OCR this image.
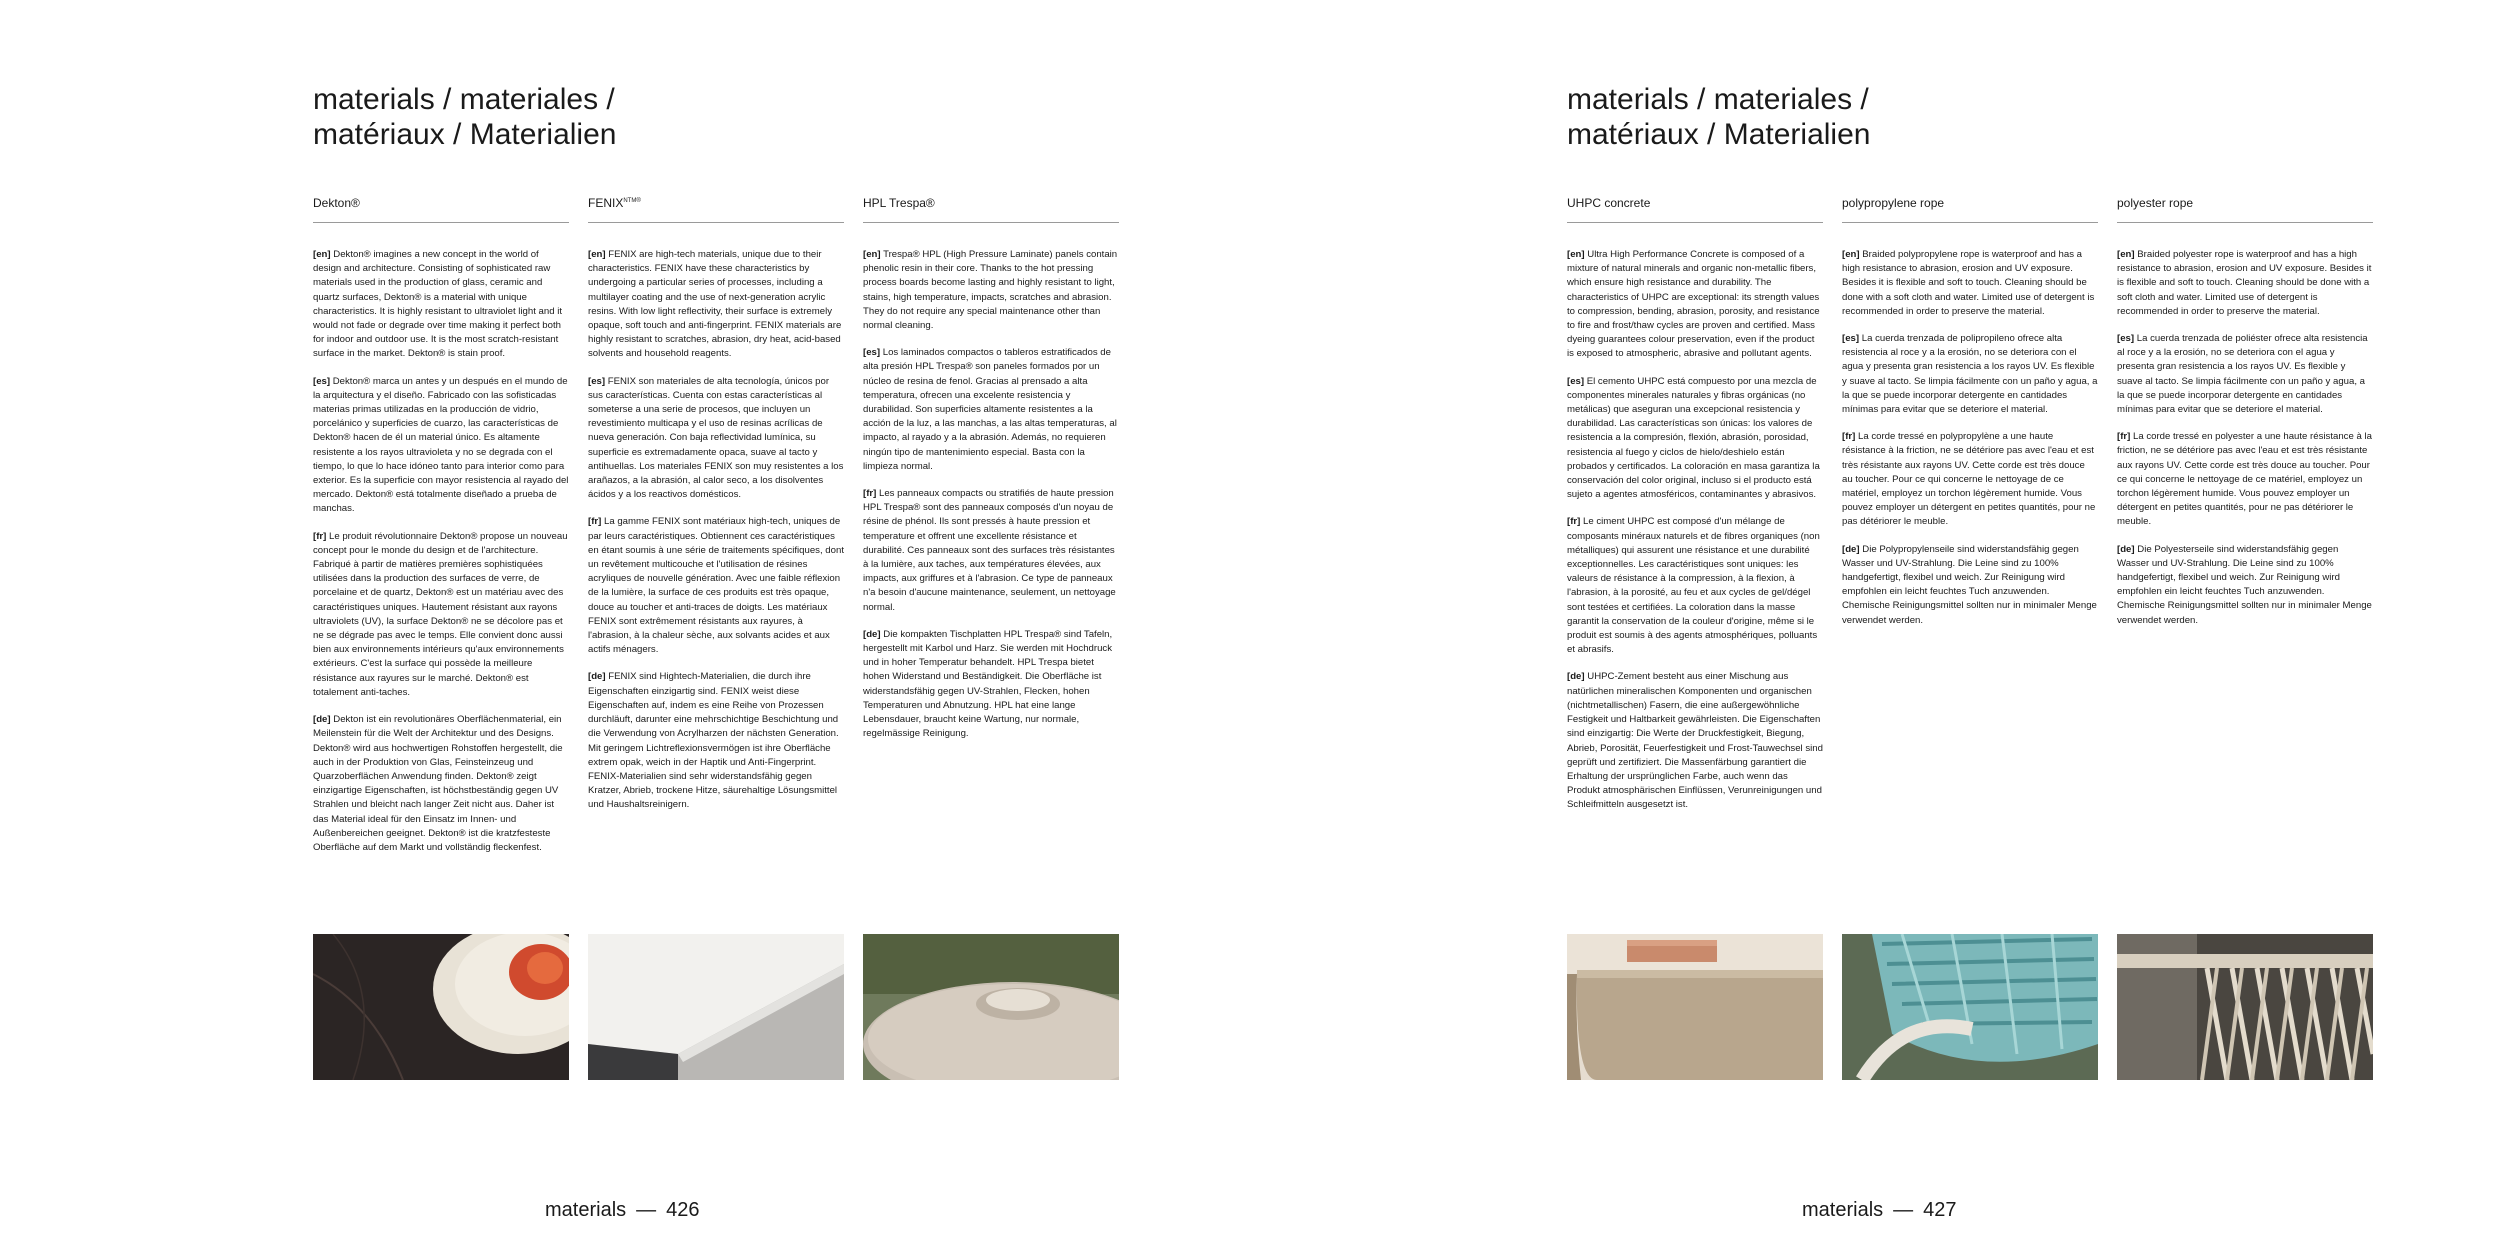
materials / materiales /
matériaux / Materialien
Dekton®

[en] Dekton® imagines a new concept in the world of design and architecture. Consisting of sophisticated raw materials used in the production of glass, ceramic and quartz surfaces, Dekton® is a material with unique characteristics. It is highly resistant to ultraviolet light and it would not fade or degrade over time making it perfect both for indoor and outdoor use. It is the most scratch-resistant surface in the market. Dekton® is stain proof.

[es] Dekton® marca un antes y un después en el mundo de la arquitectura y el diseño. Fabricado con las sofisticadas materias primas utilizadas en la producción de vidrio, porcelánico y superficies de cuarzo, las características de Dekton® hacen de él un material único. Es altamente resistente a los rayos ultravioleta y no se degrada con el tiempo, lo que lo hace idóneo tanto para interior como para exterior. Es la superficie con mayor resistencia al rayado del mercado. Dekton® está totalmente diseñado a prueba de manchas.

[fr] Le produit révolutionnaire Dekton® propose un nouveau concept pour le monde du design et de l'architecture. Fabriqué à partir de matières premières sophistiquées utilisées dans la production des surfaces de verre, de porcelaine et de quartz, Dekton® est un matériau avec des caractéristiques uniques. Hautement résistant aux rayons ultraviolets (UV), la surface Dekton® ne se décolore pas et ne se dégrade pas avec le temps. Elle convient donc aussi bien aux environnements intérieurs qu'aux environnements extérieurs. C'est la surface qui possède la meilleure résistance aux rayures sur le marché. Dekton® est totalement anti-taches.

[de] Dekton ist ein revolutionäres Oberflächenmaterial, ein Meilenstein für die Welt der Architektur und des Designs. Dekton® wird aus hochwertigen Rohstoffen hergestellt, die auch in der Produktion von Glas, Feinsteinzeug und Quarzoberflächen Anwendung finden. Dekton® zeigt einzigartige Eigenschaften, ist höchstbeständig gegen UV Strahlen und bleicht nach langer Zeit nicht aus. Daher ist das Material ideal für den Einsatz im Innen- und Außenbereichen geeignet. Dekton® ist die kratzfesteste Oberfläche auf dem Markt und vollständig fleckenfest.

$FENIX^{NTM®}$

[en] FENIX are high-tech materials, unique due to their characteristics. FENIX have these characteristics by undergoing a particular series of processes, including a multilayer coating and the use of next-generation acrylic resins. With low light reflectivity, their surface is extremely opaque, soft touch and anti-fingerprint. FENIX materials are highly resistant to scratches, abrasion, dry heat, acid-based solvents and household reagents.

[es] FENIX son materiales de alta tecnología, únicos por sus características. Cuenta con estas características al someterse a una serie de procesos, que incluyen un revestimiento multicapa y el uso de resinas acrílicas de nueva generación. Con baja reflectividad lumínica, su superficie es extremadamente opaca, suave al tacto y antihuellas. Los materiales FENIX son muy resistentes a los arañazos, a la abrasión, al calor seco, a los disolventes ácidos y a los reactivos domésticos.

[fr] La gamme FENIX sont matériaux high-tech, uniques de par leurs caractéristiques. Obtiennent ces caractéristiques en étant soumis à une série de traitements spécifiques, dont un revêtement multicouche et l'utilisation de résines acryliques de nouvelle génération. Avec une faible réflexion de la lumière, la surface de ces produits est très opaque, douce au toucher et anti-traces de doigts. Les matériaux FENIX sont extrêmement résistants aux rayures, à l'abrasion, à la chaleur sèche, aux solvants acides et aux actifs ménagers.

[de] FENIX sind Hightech-Materialien, die durch ihre Eigenschaften einzigartig sind. FENIX weist diese Eigenschaften auf, indem es eine Reihe von Prozessen durchläuft, darunter eine mehrschichtige Beschichtung und die Verwendung von Acrylharzen der nächsten Generation. Mit geringem Lichtreflexionsvermögen ist ihre Oberfläche extrem opak, weich in der Haptik und Anti-Fingerprint. FENIX-Materialien sind sehr widerstandsfähig gegen Kratzer, Abrieb, trockene Hitze, säurehaltige Lösungsmittel und Haushaltsreinigern.

HPL Trespa®

[en] Trespa® HPL (High Pressure Laminate) panels contain phenolic resin in their core. Thanks to the hot pressing process boards become lasting and highly resistant to light, stains, high temperature, impacts, scratches and abrasion. They do not require any special maintenance other than normal cleaning.

[es] Los laminados compactos o tableros estratificados de alta presión HPL Trespa® son paneles formados por un núcleo de resina de fenol. Gracias al prensado a alta temperatura, ofrecen una excelente resistencia y durabilidad. Son superficies altamente resistentes a la acción de la luz, a las manchas, a las altas temperaturas, al impacto, al rayado y a la abrasión. Además, no requieren ningún tipo de mantenimiento especial. Basta con la limpieza normal.

[fr] Les panneaux compacts ou stratifiés de haute pression HPL Trespa® sont des panneaux composés d'un noyau de résine de phénol. Ils sont pressés à haute pression et temperature et offrent une excellente résistance et durabilité. Ces panneaux sont des surfaces très résistantes à la lumière, aux taches, aux températures élevées, aux impacts, aux griffures et à l'abrasion. Ce type de panneaux n'a besoin d'aucune maintenance, seulement, un nettoyage normal.

[de] Die kompakten Tischplatten HPL Trespa® sind Tafeln, hergestellt mit Karbol und Harz. Sie werden mit Hochdruck und in hoher Temperatur behandelt. HPL Trespa bietet hohen Widerstand und Beständigkeit. Die Oberfläche ist widerstandsfähig gegen UV-Strahlen, Flecken, hohen Temperaturen und Abnutzung. HPL hat eine lange Lebensdauer, braucht keine Wartung, nur normale, regelmässige Reinigung.

materials — 426
materials / materiales /
matériaux / Materialien
UHPC concrete

[en] Ultra High Performance Concrete is composed of a mixture of natural minerals and organic non-metallic fibers, which ensure high resistance and durability. The characteristics of UHPC are exceptional: its strength values to compression, bending, abrasion, porosity, and resistance to fire and frost/thaw cycles are proven and certified. Mass dyeing guarantees colour preservation, even if the product is exposed to atmospheric, abrasive and pollutant agents.

[es] El cemento UHPC está compuesto por una mezcla de componentes minerales naturales y fibras orgánicas (no metálicas) que aseguran una excepcional resistencia y durabilidad. Las características son únicas: los valores de resistencia a la compresión, flexión, abrasión, porosidad, resistencia al fuego y ciclos de hielo/deshielo están probados y certificados. La coloración en masa garantiza la conservación del color original, incluso si el producto está sujeto a agentes atmosféricos, contaminantes y abrasivos.

[fr] Le ciment UHPC est composé d'un mélange de composants minéraux naturels et de fibres organiques (non métalliques) qui assurent une résistance et une durabilité exceptionnelles. Les caractéristiques sont uniques: les valeurs de résistance à la compression, à la flexion, à l'abrasion, à la porosité, au feu et aux cycles de gel/dégel sont testées et certifiées. La coloration dans la masse garantit la conservation de la couleur d'origine, même si le produit est soumis à des agents atmosphériques, polluants et abrasifs.

[de] UHPC-Zement besteht aus einer Mischung aus natürlichen mineralischen Komponenten und organischen (nichtmetallischen) Fasern, die eine außergewöhnliche Festigkeit und Haltbarkeit gewährleisten. Die Eigenschaften sind einzigartig: Die Werte der Druckfestigkeit, Biegung, Abrieb, Porosität, Feuerfestigkeit und Frost-Tauwechsel sind geprüft und zertifiziert. Die Massenfärbung garantiert die Erhaltung der ursprünglichen Farbe, auch wenn das Produkt atmosphärischen Einflüssen, Verunreinigungen und Schleifmitteln ausgesetzt ist.

polypropylene rope

[en] Braided polypropylene rope is waterproof and has a high resistance to abrasion, erosion and UV exposure. Besides it is flexible and soft to touch. Cleaning should be done with a soft cloth and water. Limited use of detergent is recommended in order to preserve the material.

[es] La cuerda trenzada de polipropileno ofrece alta resistencia al roce y a la erosión, no se deteriora con el agua y presenta gran resistencia a los rayos UV. Es flexible y suave al tacto. Se limpia fácilmente con un paño y agua, a la que se puede incorporar detergente en cantidades mínimas para evitar que se deteriore el material.

[fr] La corde tressé en polypropylène a une haute résistance à la friction, ne se détériore pas avec l'eau et est très résistante aux rayons UV. Cette corde est très douce au toucher. Pour ce qui concerne le nettoyage de ce matériel, employez un torchon légèrement humide. Vous pouvez employer un détergent en petites quantités, pour ne pas détériorer le meuble.

[de] Die Polypropylenseile sind widerstandsfähig gegen Wasser und UV-Strahlung. Die Leine sind zu 100% handgefertigt, flexibel und weich. Zur Reinigung wird empfohlen ein leicht feuchtes Tuch anzuwenden. Chemische Reinigungsmittel sollten nur in minimaler Menge verwendet werden.

polyester rope

[en] Braided polyester rope is waterproof and has a high resistance to abrasion, erosion and UV exposure. Besides it is flexible and soft to touch. Cleaning should be done with a soft cloth and water. Limited use of detergent is recommended in order to preserve the material.

[es] La cuerda trenzada de poliéster ofrece alta resistencia al roce y a la erosión, no se deteriora con el agua y presenta gran resistencia a los rayos UV. Es flexible y suave al tacto. Se limpia fácilmente con un paño y agua, a la que se puede incorporar detergente en cantidades mínimas para evitar que se deteriore el material.

[fr] La corde tressé en polyester a une haute résistance à la friction, ne se détériore pas avec l'eau et est très résistante aux rayons UV. Cette corde est très douce au toucher. Pour ce qui concerne le nettoyage de ce matériel, employez un torchon légèrement humide. Vous pouvez employer un détergent en petites quantités, pour ne pas détériorer le meuble.

[de] Die Polyesterseile sind widerstandsfähig gegen Wasser und UV-Strahlung. Die Leine sind zu 100% handgefertigt, flexibel und weich. Zur Reinigung wird empfohlen ein leicht feuchtes Tuch anzuwenden. Chemische Reinigungsmittel sollten nur in minimaler Menge verwendet werden.

materials — 427
